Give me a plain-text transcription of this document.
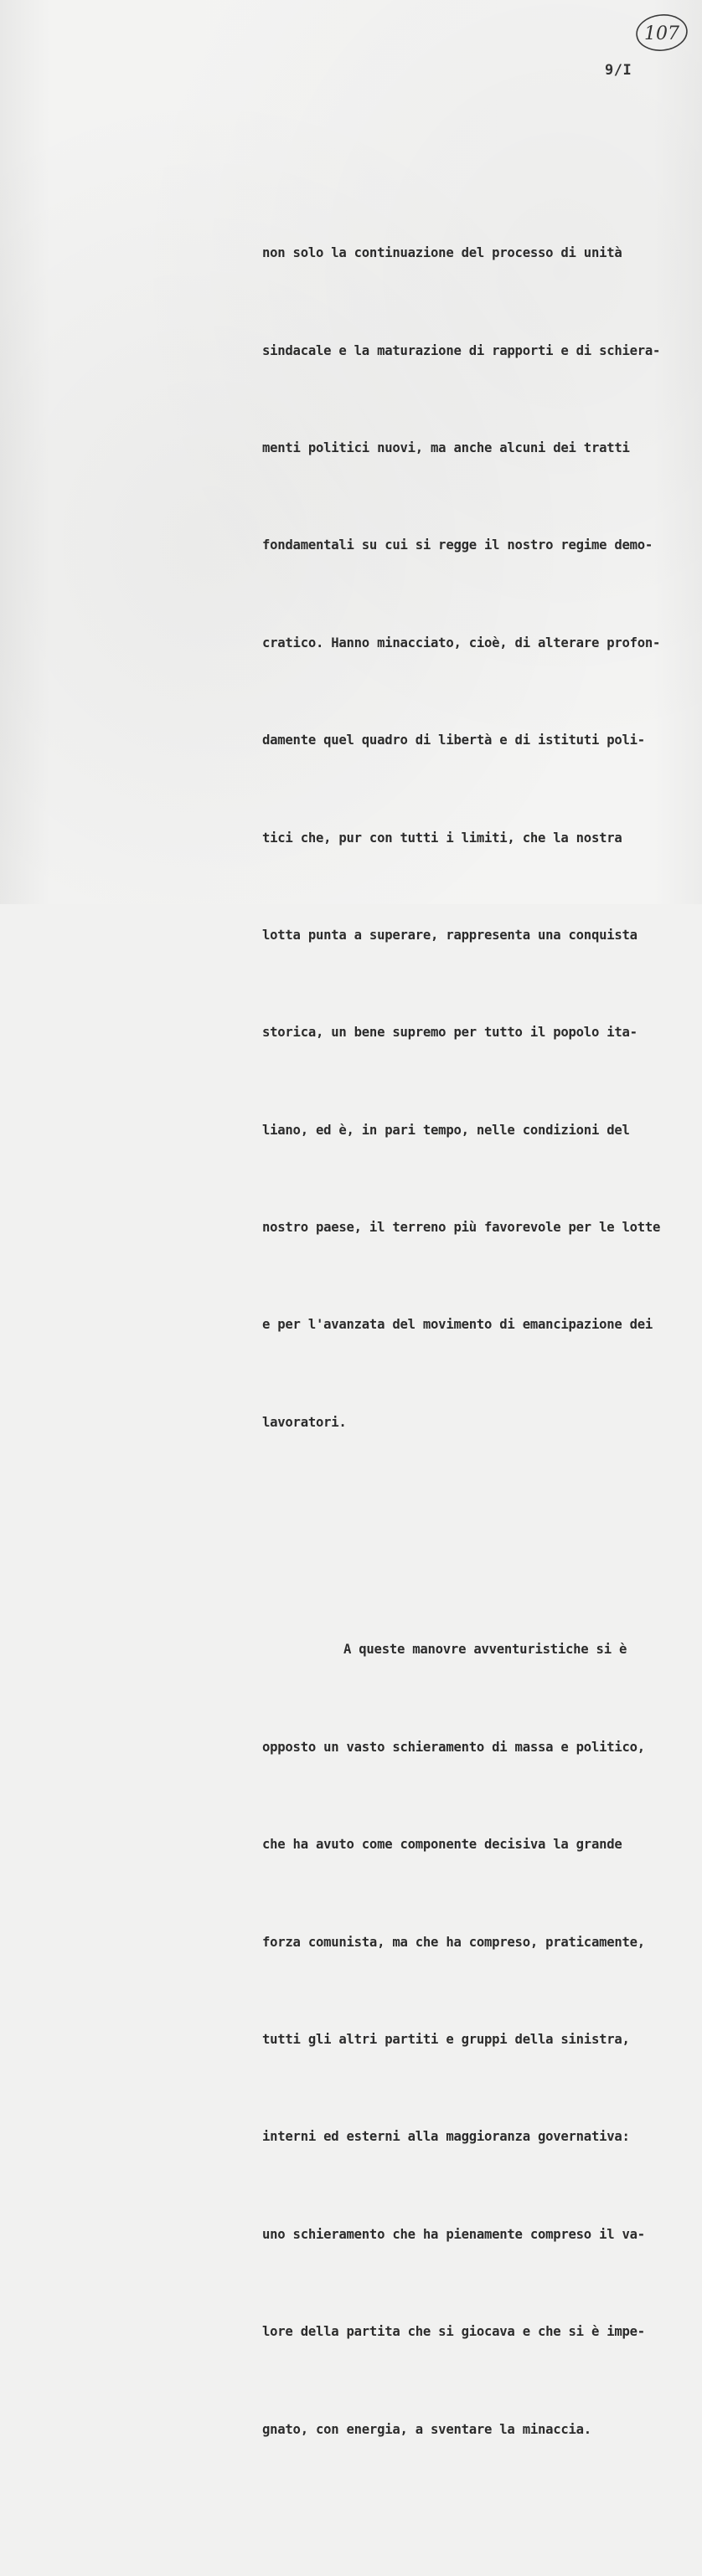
107
9/I

non solo la continuazione del processo di unità

sindacale e la maturazione di rapporti e di schiera-

menti politici nuovi, ma anche alcuni dei tratti

fondamentali su cui si regge il nostro regime demo-

cratico. Hanno minacciato, cioè, di alterare profon-

damente quel quadro di libertà e di istituti poli-

tici che, pur con tutti i limiti, che la nostra

lotta punta a superare, rappresenta una conquista

storica, un bene supremo per tutto il popolo ita-

liano, ed è, in pari tempo, nelle condizioni del

nostro paese, il terreno più favorevole per le lotte

e per l'avanzata del movimento di emancipazione dei

lavoratori.

A queste manovre avventuristiche si è

opposto un vasto schieramento di massa e politico,

che ha avuto come componente decisiva la grande

forza comunista, ma che ha compreso, praticamente,

tutti gli altri partiti e gruppi della sinistra,

interni ed esterni alla maggioranza governativa:

uno schieramento che ha pienamente compreso il va-

lore della partita che si giocava e che si è impe-

gnato, con energia, a sventare la minaccia.
